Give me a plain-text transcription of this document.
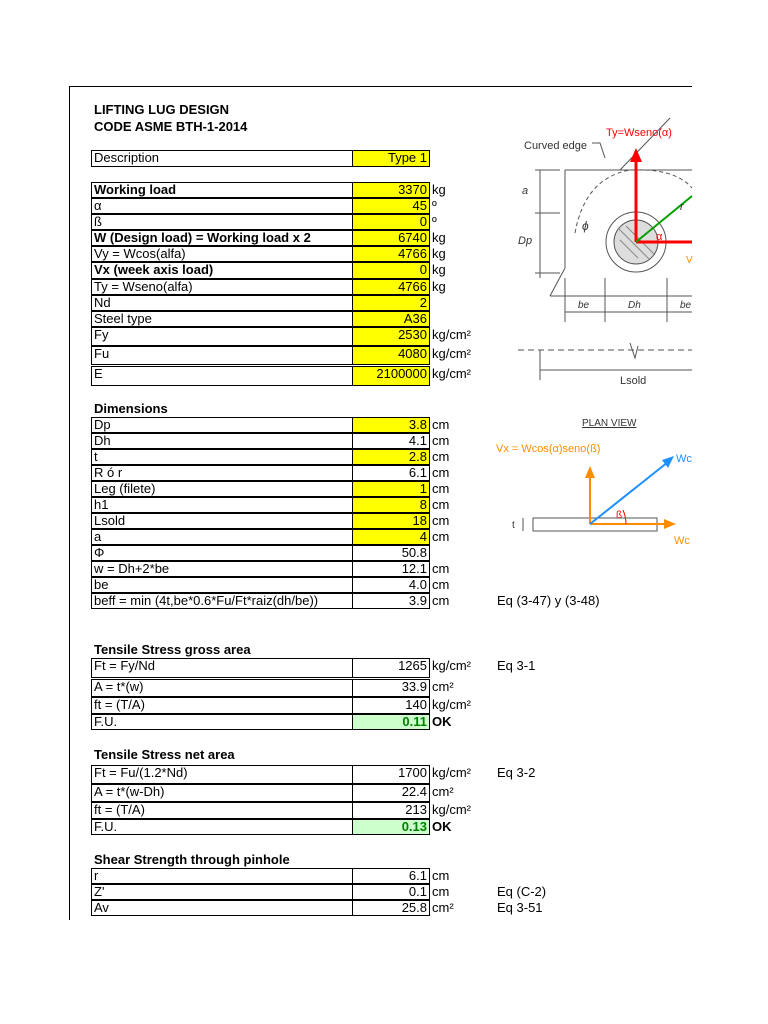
LIFTING LUG DESIGN
CODE ASME BTH-1-2014
Description	Type 1
Working load	3370 kg
α	45 º
ß	0 º
W (Design load) = Working load x 2	6740 kg
Vy = Wcos(alfa)	4766 kg
Vx (week axis load)	0 kg
Ty = Wseno(alfa)	4766 kg
Nd	2
Steel type	A36
Fy	2530 kg/cm²
Fu	4080 kg/cm²
E	2100000 kg/cm²
Dimensions
Dp	3.8 cm
Dh	4.1 cm
t	2.8 cm
R ó r	6.1 cm
Leg (filete)	1 cm
h1	8 cm
Lsold	18 cm
a	4 cm
Φ	50.8
w = Dh+2*be	12.1 cm
be	4.0 cm
beff = min (4t,be*0.6*Fu/Ft*raiz(dh/be))	3.9 cm	Eq (3-47) y (3-48)
Tensile Stress gross area
Ft = Fy/Nd	1265 kg/cm² Eq 3-1
A = t*(w)	33.9 cm²
ft = (T/A)	140 kg/cm²
F.U.	0.11 OK
Tensile Stress net area
Ft = Fu/(1.2*Nd)	1700 kg/cm² Eq 3-2
A = t*(w-Dh)	22.4 cm²
ft = (T/A)	213 kg/cm²
F.U.	0.13 OK
Shear Strength through pinhole
r	6.1 cm
Z'	0.1 cm	Eq (C-2)
Av	25.8 cm²	Eq 3-51
Curved edge
a
Dp
ϕ
Ty=Wseno(α)
α
r
V
be	Dh	be
Lsold
PLAN VIEW
Vx = Wcos(α)seno(ß)
t
ß
Wc
Wc
